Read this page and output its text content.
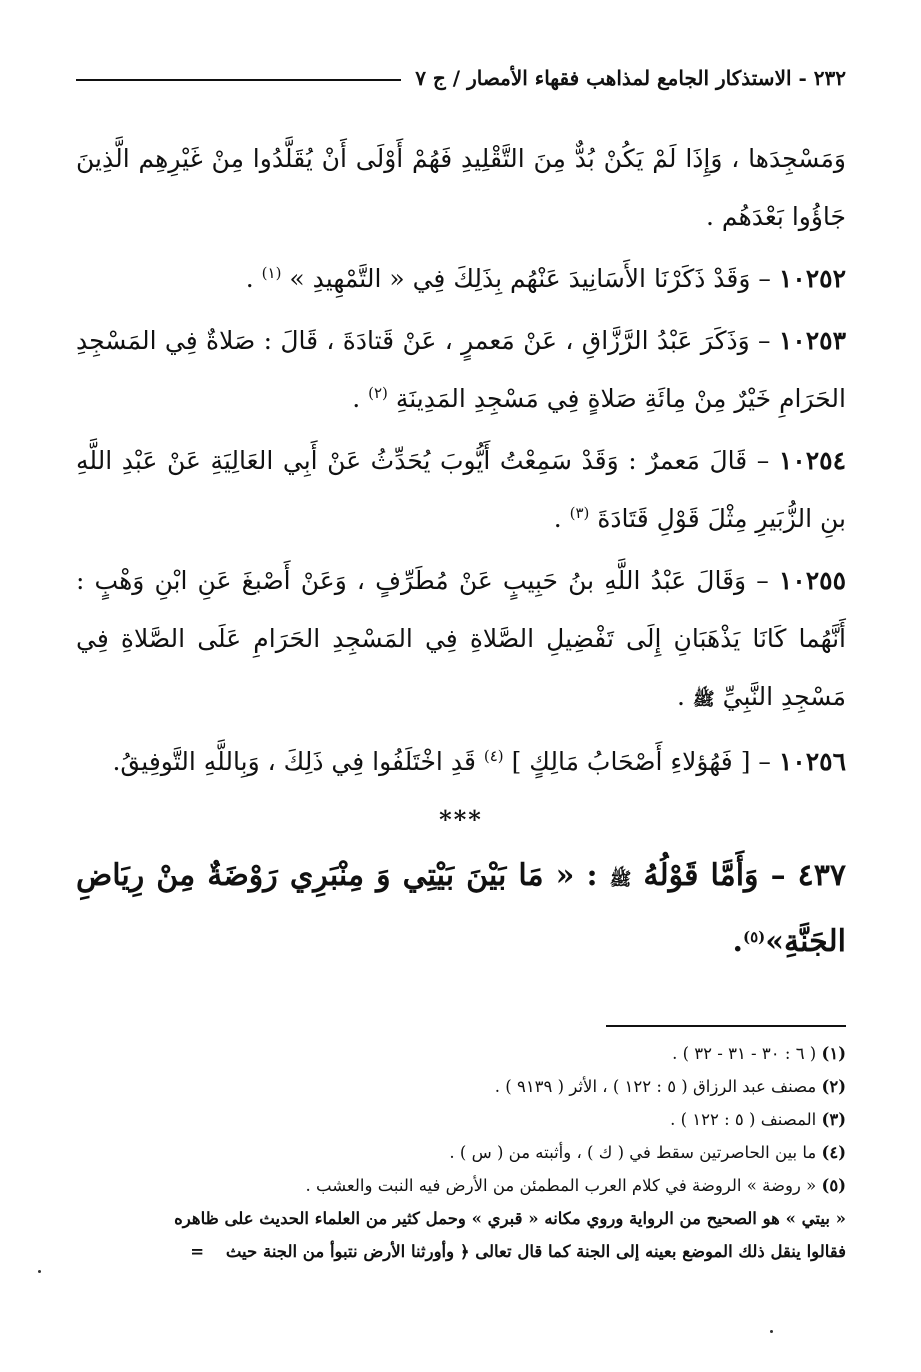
٢٣٢ - الاستذكار الجامع لمذاهب فقهاء الأمصار / ج ٧

وَمَسْجِدَها ، وَإِذَا لَمْ يَكُنْ بُدٌّ مِنَ التَّقْلِيدِ فَهُمْ أَوْلَى أَنْ يُقَلَّدُوا مِنْ غَيْرِهِم الَّذِينَ جَاؤُوا بَعْدَهُم .

١٠٢٥٢ – وَقَدْ ذَكَرْنَا الأَسَانِيدَ عَنْهُم بِذَلِكَ فِي « التَّمْهِيدِ » $^{(١)}$ .

١٠٢٥٣ – وَذَكَرَ عَبْدُ الرَّزَّاقِ ، عَنْ مَعمرٍ ، عَنْ قَتادَةَ ، قَالَ : صَلاةٌ فِي المَسْجِدِ الحَرَامِ خَيْرٌ مِنْ مِائَةِ صَلاةٍ فِي مَسْجِدِ المَدِينَةِ $^{(٢)}$ .

١٠٢٥٤ – قَالَ مَعمرٌ : وَقَدْ سَمِعْتُ أَيُّوبَ يُحَدِّثُ عَنْ أَبِي العَالِيَةِ عَنْ عَبْدِ اللَّهِ بنِ الزُّبَيرِ مِثْلَ قَوْلِ قَتَادَةَ $^{(٣)}$ .

١٠٢٥٥ – وَقَالَ عَبْدُ اللَّهِ بنُ حَبِيبٍ عَنْ مُطَرِّفٍ ، وَعَنْ أَصْبغَ عَنِ ابْنِ وَهْبٍ : أَنَّهُما كَانَا يَذْهَبَانِ إِلَى تَفْضِيلِ الصَّلاةِ فِي المَسْجِدِ الحَرَامِ عَلَى الصَّلاةِ فِي مَسْجِدِ النَّبِيِّ ﷺ .

١٠٢٥٦ – [ فَهُؤلاءِ أَصْحَابُ مَالِكٍ ] $^{(٤)}$ قَدِ اخْتَلَفُوا فِي ذَلِكَ ، وَبِاللَّهِ التَّوفِيقُ.

***

٤٣٧ – وَأَمَّا قَوْلُهُ ﷺ : « مَا بَيْنَ بَيْتِي وَ مِنْبَرِي رَوْضَةٌ مِنْ رِيَاضِ الجَنَّةِ»$^{(٥)}$.

(١) ( ٦ : ٣٠ - ٣١ - ٣٢ ) .

(٢) مصنف عبد الرزاق ( ٥ : ١٢٢ ) ، الأثر ( ٩١٣٩ ) .

(٣) المصنف ( ٥ : ١٢٢ ) .

(٤) ما بين الحاصرتين سقط في ( ك ) ، وأثبته من ( س ) .

(٥) « روضة » الروضة في كلام العرب المطمئن من الأرض فيه النبت والعشب .

« بيتي » هو الصحيح من الرواية وروي مكانه « قبري » وحمل كثير من العلماء الحديث على ظاهره

فقالوا ينقل ذلك الموضع بعينه إلى الجنة كما قال تعالى ﴿ وأورثنا الأرض نتبوأ من الجنة حيث =
